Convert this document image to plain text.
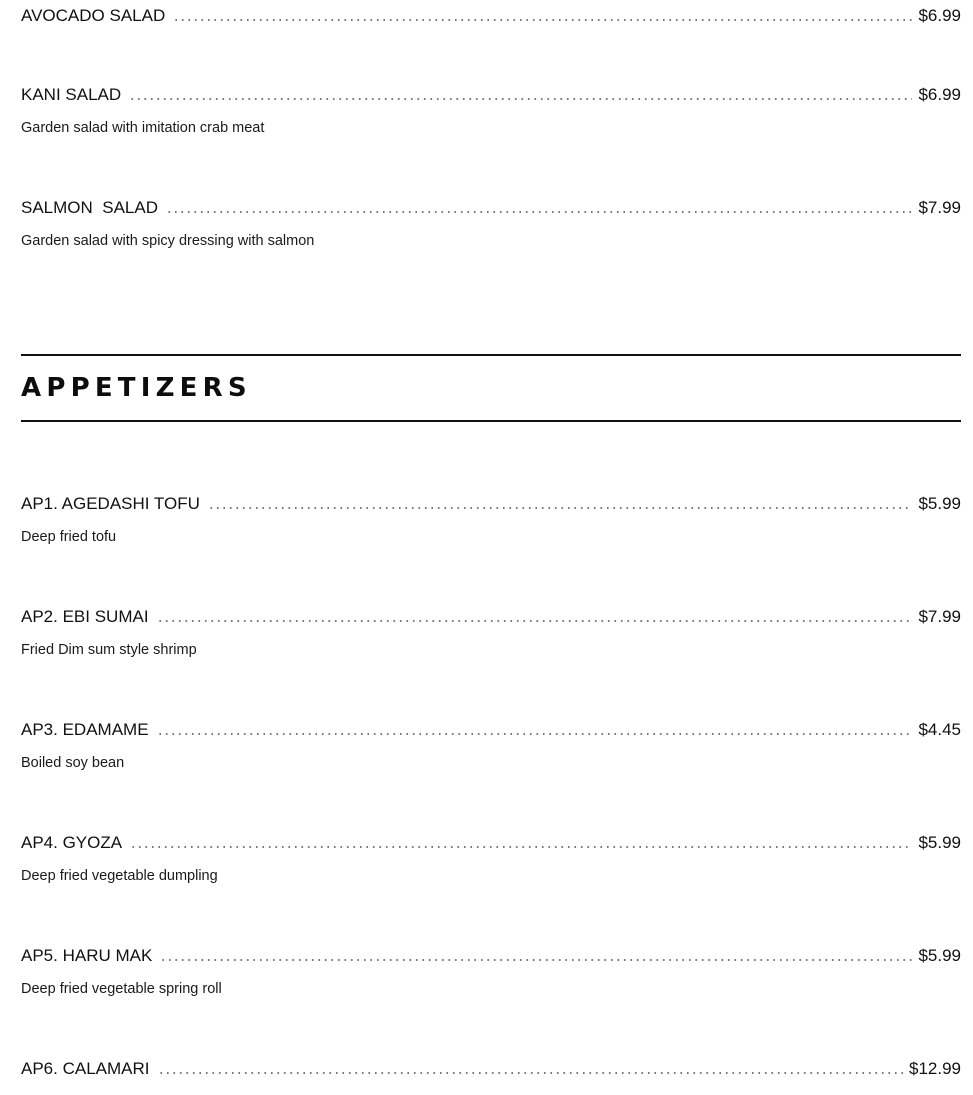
AVOCADO SALAD	$6.99
KANI SALAD	$6.99
Garden salad with imitation crab meat
SALMON  SALAD	$7.99
Garden salad with spicy dressing with salmon
APPETIZERS
AP1. AGEDASHI TOFU	$5.99
Deep fried tofu
AP2. EBI SUMAI	$7.99
Fried Dim sum style shrimp
AP3. EDAMAME	$4.45
Boiled soy bean
AP4. GYOZA	$5.99
Deep fried vegetable dumpling
AP5. HARU MAK	$5.99
Deep fried vegetable spring roll
AP6. CALAMARI	$12.99
